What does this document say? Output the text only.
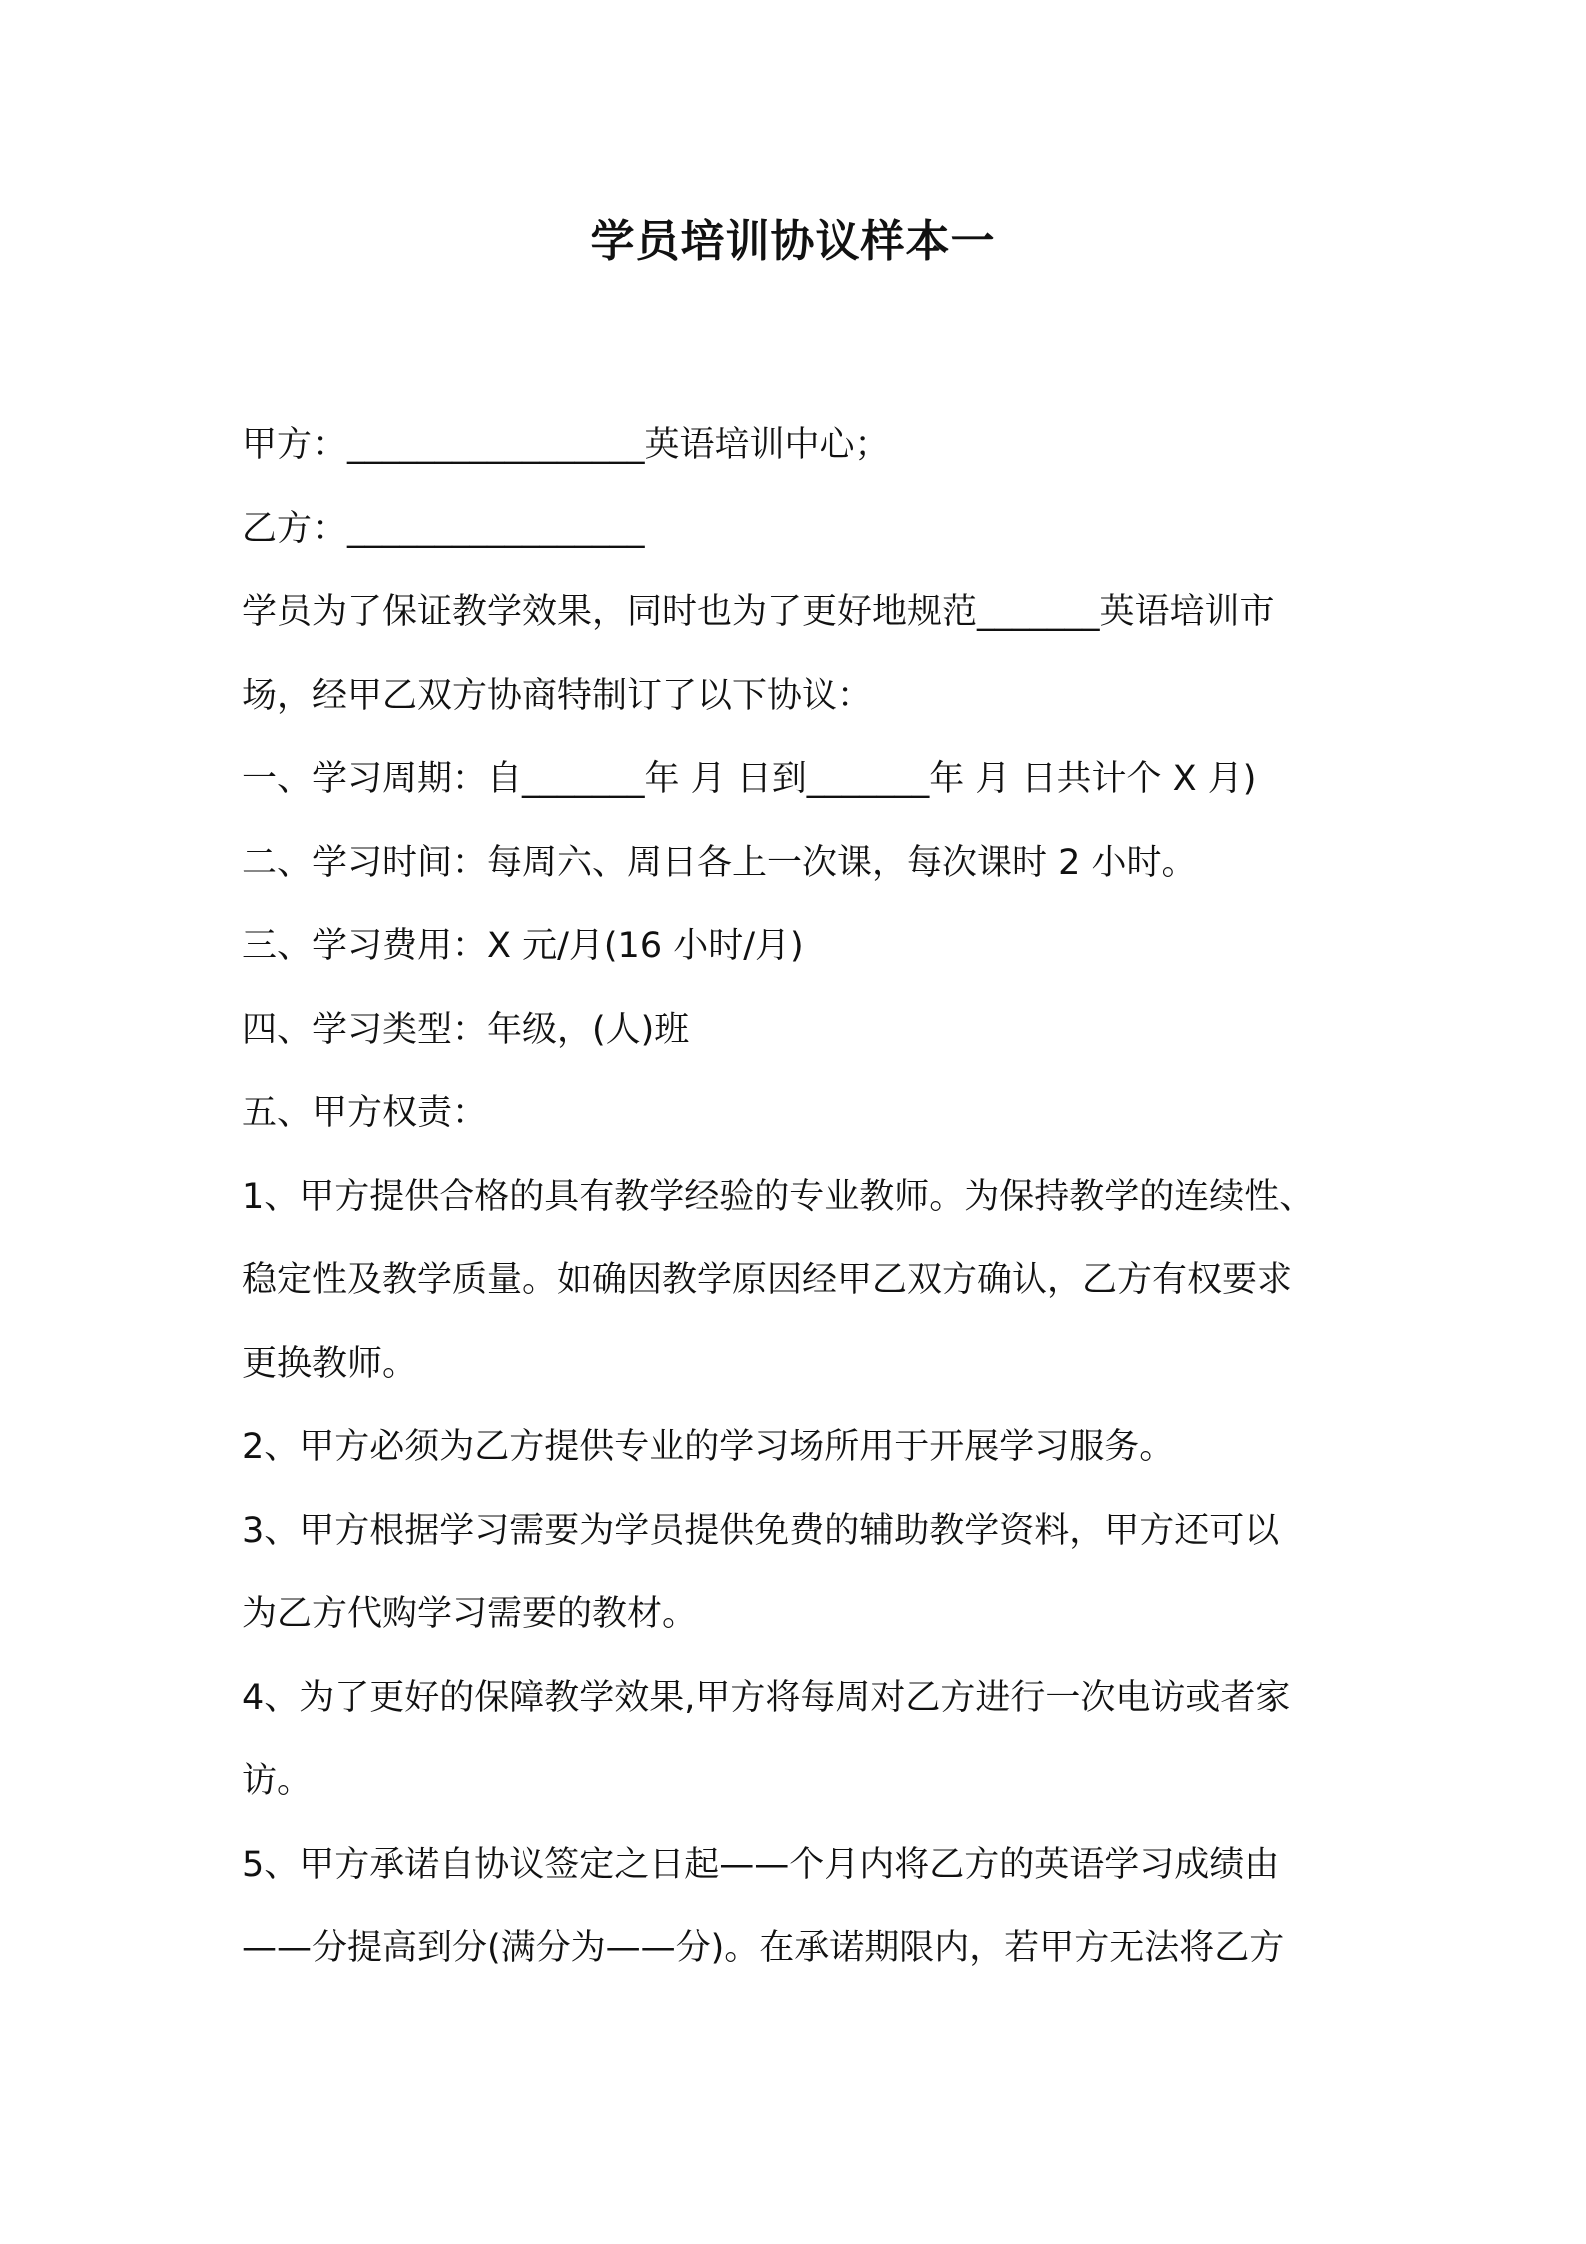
学员培训协议样本一
甲方：_________________英语培训中心；
乙方：_________________
学员为了保证教学效果，同时也为了更好地规范_______英语培训市
场，经甲乙双方协商特制订了以下协议：
一、学习周期：自_______年 月 日到_______年 月 日共计个 X 月)
二、学习时间：每周六、周日各上一次课，每次课时 2 小时。
三、学习费用：X 元/月(16 小时/月)
四、学习类型：年级，(人)班
五、甲方权责：
1、甲方提供合格的具有教学经验的专业教师。为保持教学的连续性、
稳定性及教学质量。如确因教学原因经甲乙双方确认，乙方有权要求
更换教师。
2、甲方必须为乙方提供专业的学习场所用于开展学习服务。
3、甲方根据学习需要为学员提供免费的辅助教学资料，甲方还可以
为乙方代购学习需要的教材。
4、为了更好的保障教学效果,甲方将每周对乙方进行一次电访或者家
访。
5、甲方承诺自协议签定之日起——个月内将乙方的英语学习成绩由
——分提高到分(满分为——分)。在承诺期限内，若甲方无法将乙方
